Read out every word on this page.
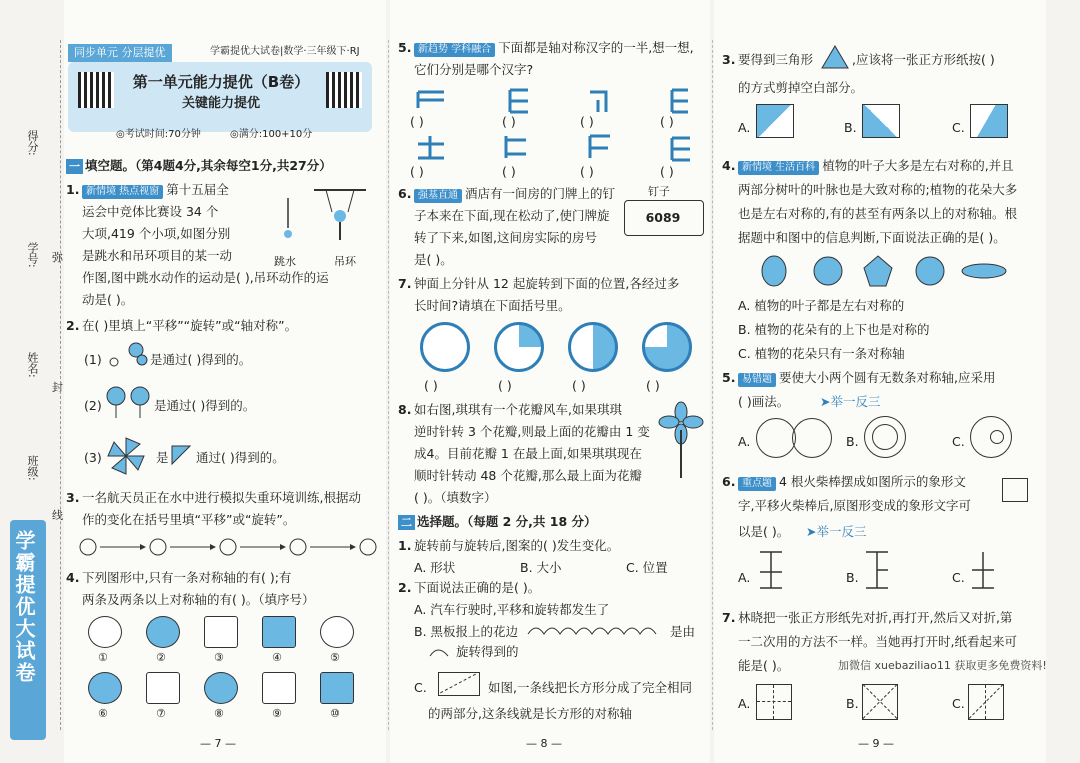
得分:
学号:
姓名:
班级:
弥
封
线
学霸提优大试卷
同步单元 分层提优	学霸提优大试卷|数学·三年级下·RJ
第一单元能力提优（B卷）
关键能力提优
◎考试时间:70分钟	◎满分:100+10分
一 填空题。（第4题4分,其余每空1分,共27分）
1. 新情境 热点视窗 第十五届全
运会中竞体比赛设 34 个
大项,419 个小项,如图分别
是跳水和吊环项目的某一动
作图,图中跳水动作的运动是( ),吊环动作的运
动是( )。
跳水	吊环
2. 在( )里填上“平移”“旋转”或“轴对称”。
(1)	是通过( )得到的。
(2)	是通过( )得到的。
(3)	是 通过( )得到的。
3. 一名航天员正在水中进行模拟失重环境训练,根据动
作的变化在括号里填“平移”或“旋转”。
4. 下列图形中,只有一条对称轴的有( );有
两条及两条以上对称轴的有( )。（填序号）
①	②	③	④	⑤
⑥	⑦	⑧	⑨	⑩
— 7 —
5. 新趋势 学科融合 下面都是轴对称汉字的一半,想一想,
它们分别是哪个汉字?
( )	( )	( )	( )
( )	( )	( )	( )
6. 强基直通 酒店有一间房的门牌上的钉
子本来在下面,现在松动了,使门牌旋
转了下来,如图,这间房实际的房号
是( )。
钉子
6089
7. 钟面上分针从 12 起旋转到下面的位置,各经过多
长时间?请填在下面括号里。
( )	( )	( )	( )
8. 如右图,琪琪有一个花瓣风车,如果琪琪
逆时针转 3 个花瓣,则最上面的花瓣由 1 变
成4。目前花瓣 1 在最上面,如果琪琪现在
顺时针转动 48 个花瓣,那么最上面为花瓣
( )。（填数字）
二 选择题。（每题 2 分,共 18 分）
1. 旋转前与旋转后,图案的( )发生变化。
A. 形状	B. 大小	C. 位置
2. 下面说法正确的是( )。
A. 汽车行驶时,平移和旋转都发生了
B. 黑板报上的花边	是由
旋转得到的
C.	如图,一条线把长方形分成了完全相同
的两部分,这条线就是长方形的对称轴
— 8 —
3. 要得到三角形	,应该将一张正方形纸按( )
的方式剪掉空白部分。
A.	B.	C.
4. 新情境 生活百科 植物的叶子大多是左右对称的,并且
两部分树叶的叶脉也是大致对称的;植物的花朵大多
也是左右对称的,有的甚至有两条以上的对称轴。根
据题中和图中的信息判断,下面说法正确的是( )。
A. 植物的叶子都是左右对称的
B. 植物的花朵有的上下也是对称的
C. 植物的花朵只有一条对称轴
5. 易错题 要使大小两个圆有无数条对称轴,应采用
( )画法。 ➤举一反三
A.	B.	C.
6. 重点题 4 根火柴棒摆成如图所示的象形文
字,平移火柴棒后,原图形变成的象形文字可
以是( )。 ➤举一反三
A.	B.	C.
7. 林晓把一张正方形纸先对折,再打开,然后又对折,第
一二次用的方法不一样。当她再打开时,纸看起来可
能是( )。	加微信 xuebaziliao11 获取更多免费资料!
A.	B.	C.
— 9 —
